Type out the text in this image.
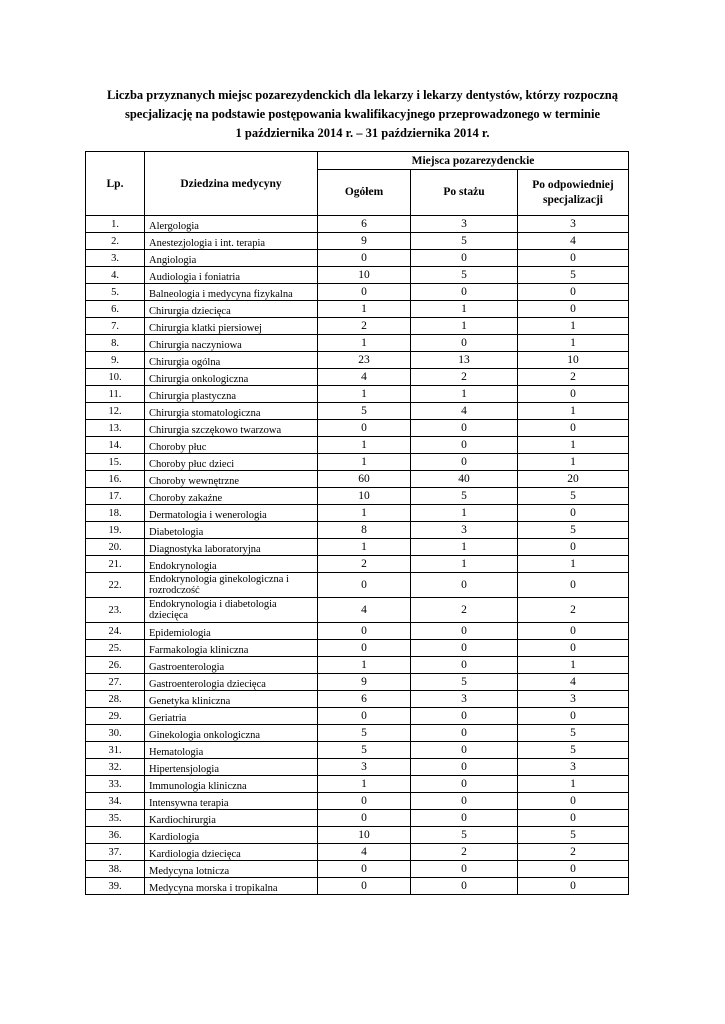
Liczba przyznanych miejsc pozarezydenckich dla lekarzy i lekarzy dentystów, którzy rozpoczną
specjalizację na podstawie postępowania kwalifikacyjnego przeprowadzonego w terminie
1 października 2014 r. – 31 października 2014 r.
Lp.	Dziedzina medycyny	Miejsca pozarezydenckie		
		Ogółem	Po stażu	Po odpowiedniej specjalizacji
1.	Alergologia	6	3	3
2.	Anestezjologia i int. terapia	9	5	4
3.	Angiologia	0	0	0
4.	Audiologia i foniatria	10	5	5
5.	Balneologia i medycyna fizykalna	0	0	0
6.	Chirurgia dziecięca	1	1	0
7.	Chirurgia klatki piersiowej	2	1	1
8.	Chirurgia naczyniowa	1	0	1
9.	Chirurgia ogólna	23	13	10
10.	Chirurgia onkologiczna	4	2	2
11.	Chirurgia plastyczna	1	1	0
12.	Chirurgia stomatologiczna	5	4	1
13.	Chirurgia szczękowo twarzowa	0	0	0
14.	Choroby płuc	1	0	1
15.	Choroby płuc dzieci	1	0	1
16.	Choroby wewnętrzne	60	40	20
17.	Choroby zakaźne	10	5	5
18.	Dermatologia i wenerologia	1	1	0
19.	Diabetologia	8	3	5
20.	Diagnostyka laboratoryjna	1	1	0
21.	Endokrynologia	2	1	1
22.	Endokrynologia ginekologiczna i rozrodczość	0	0	0
23.	Endokrynologia i diabetologia dziecięca	4	2	2
24.	Epidemiologia	0	0	0
25.	Farmakologia kliniczna	0	0	0
26.	Gastroenterologia	1	0	1
27.	Gastroenterologia dziecięca	9	5	4
28.	Genetyka kliniczna	6	3	3
29.	Geriatria	0	0	0
30.	Ginekologia onkologiczna	5	0	5
31.	Hematologia	5	0	5
32.	Hipertensjologia	3	0	3
33.	Immunologia kliniczna	1	0	1
34.	Intensywna terapia	0	0	0
35.	Kardiochirurgia	0	0	0
36.	Kardiologia	10	5	5
37.	Kardiologia dziecięca	4	2	2
38.	Medycyna lotnicza	0	0	0
39.	Medycyna morska i tropikalna	0	0	0
